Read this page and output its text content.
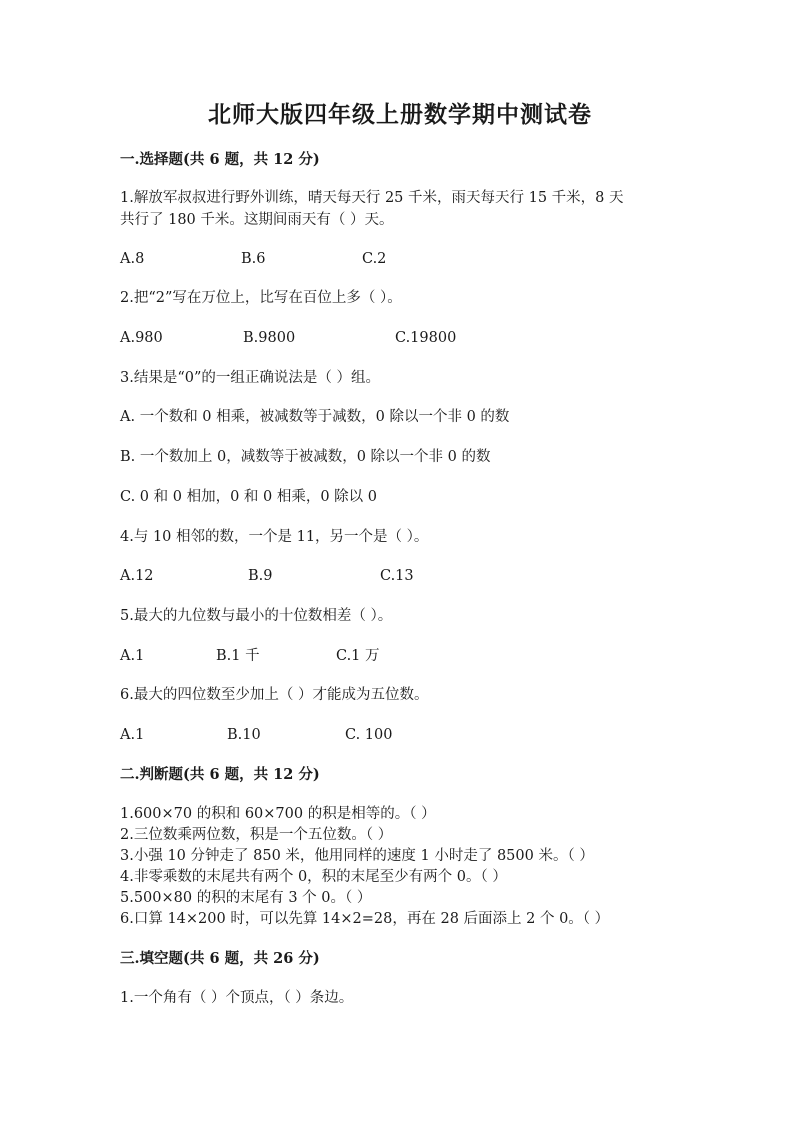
北师大版四年级上册数学期中测试卷
一.选择题(共 6 题，共 12 分)
1.解放军叔叔进行野外训练，晴天每天行 25 千米，雨天每天行 15 千米，8 天
共行了 180 千米。这期间雨天有（ ）天。
A.8	B.6	C.2
2.把“2”写在万位上，比写在百位上多（ ）。
A.980	B.9800	C.19800
3.结果是“0”的一组正确说法是（ ）组。
A. 一个数和 0 相乘，被减数等于减数，0 除以一个非 0 的数
B. 一个数加上 0，减数等于被减数，0 除以一个非 0 的数
C. 0 和 0 相加，0 和 0 相乘，0 除以 0
4.与 10 相邻的数，一个是 11，另一个是（ ）。
A.12	B.9	C.13
5.最大的九位数与最小的十位数相差（ ）。
A.1	B.1 千	C.1 万
6.最大的四位数至少加上（ ）才能成为五位数。
A.1	B.10	C. 100
二.判断题(共 6 题，共 12 分)
1.600×70 的积和 60×700 的积是相等的。（ ）
2.三位数乘两位数，积是一个五位数。（ ）
3.小强 10 分钟走了 850 米，他用同样的速度 1 小时走了 8500 米。（ ）
4.非零乘数的末尾共有两个 0，积的末尾至少有两个 0。（ ）
5.500×80 的积的末尾有 3 个 0。（ ）
6.口算 14×200 时，可以先算 14×2=28，再在 28 后面添上 2 个 0。（ ）
三.填空题(共 6 题，共 26 分)
1.一个角有（ ）个顶点，（ ）条边。
